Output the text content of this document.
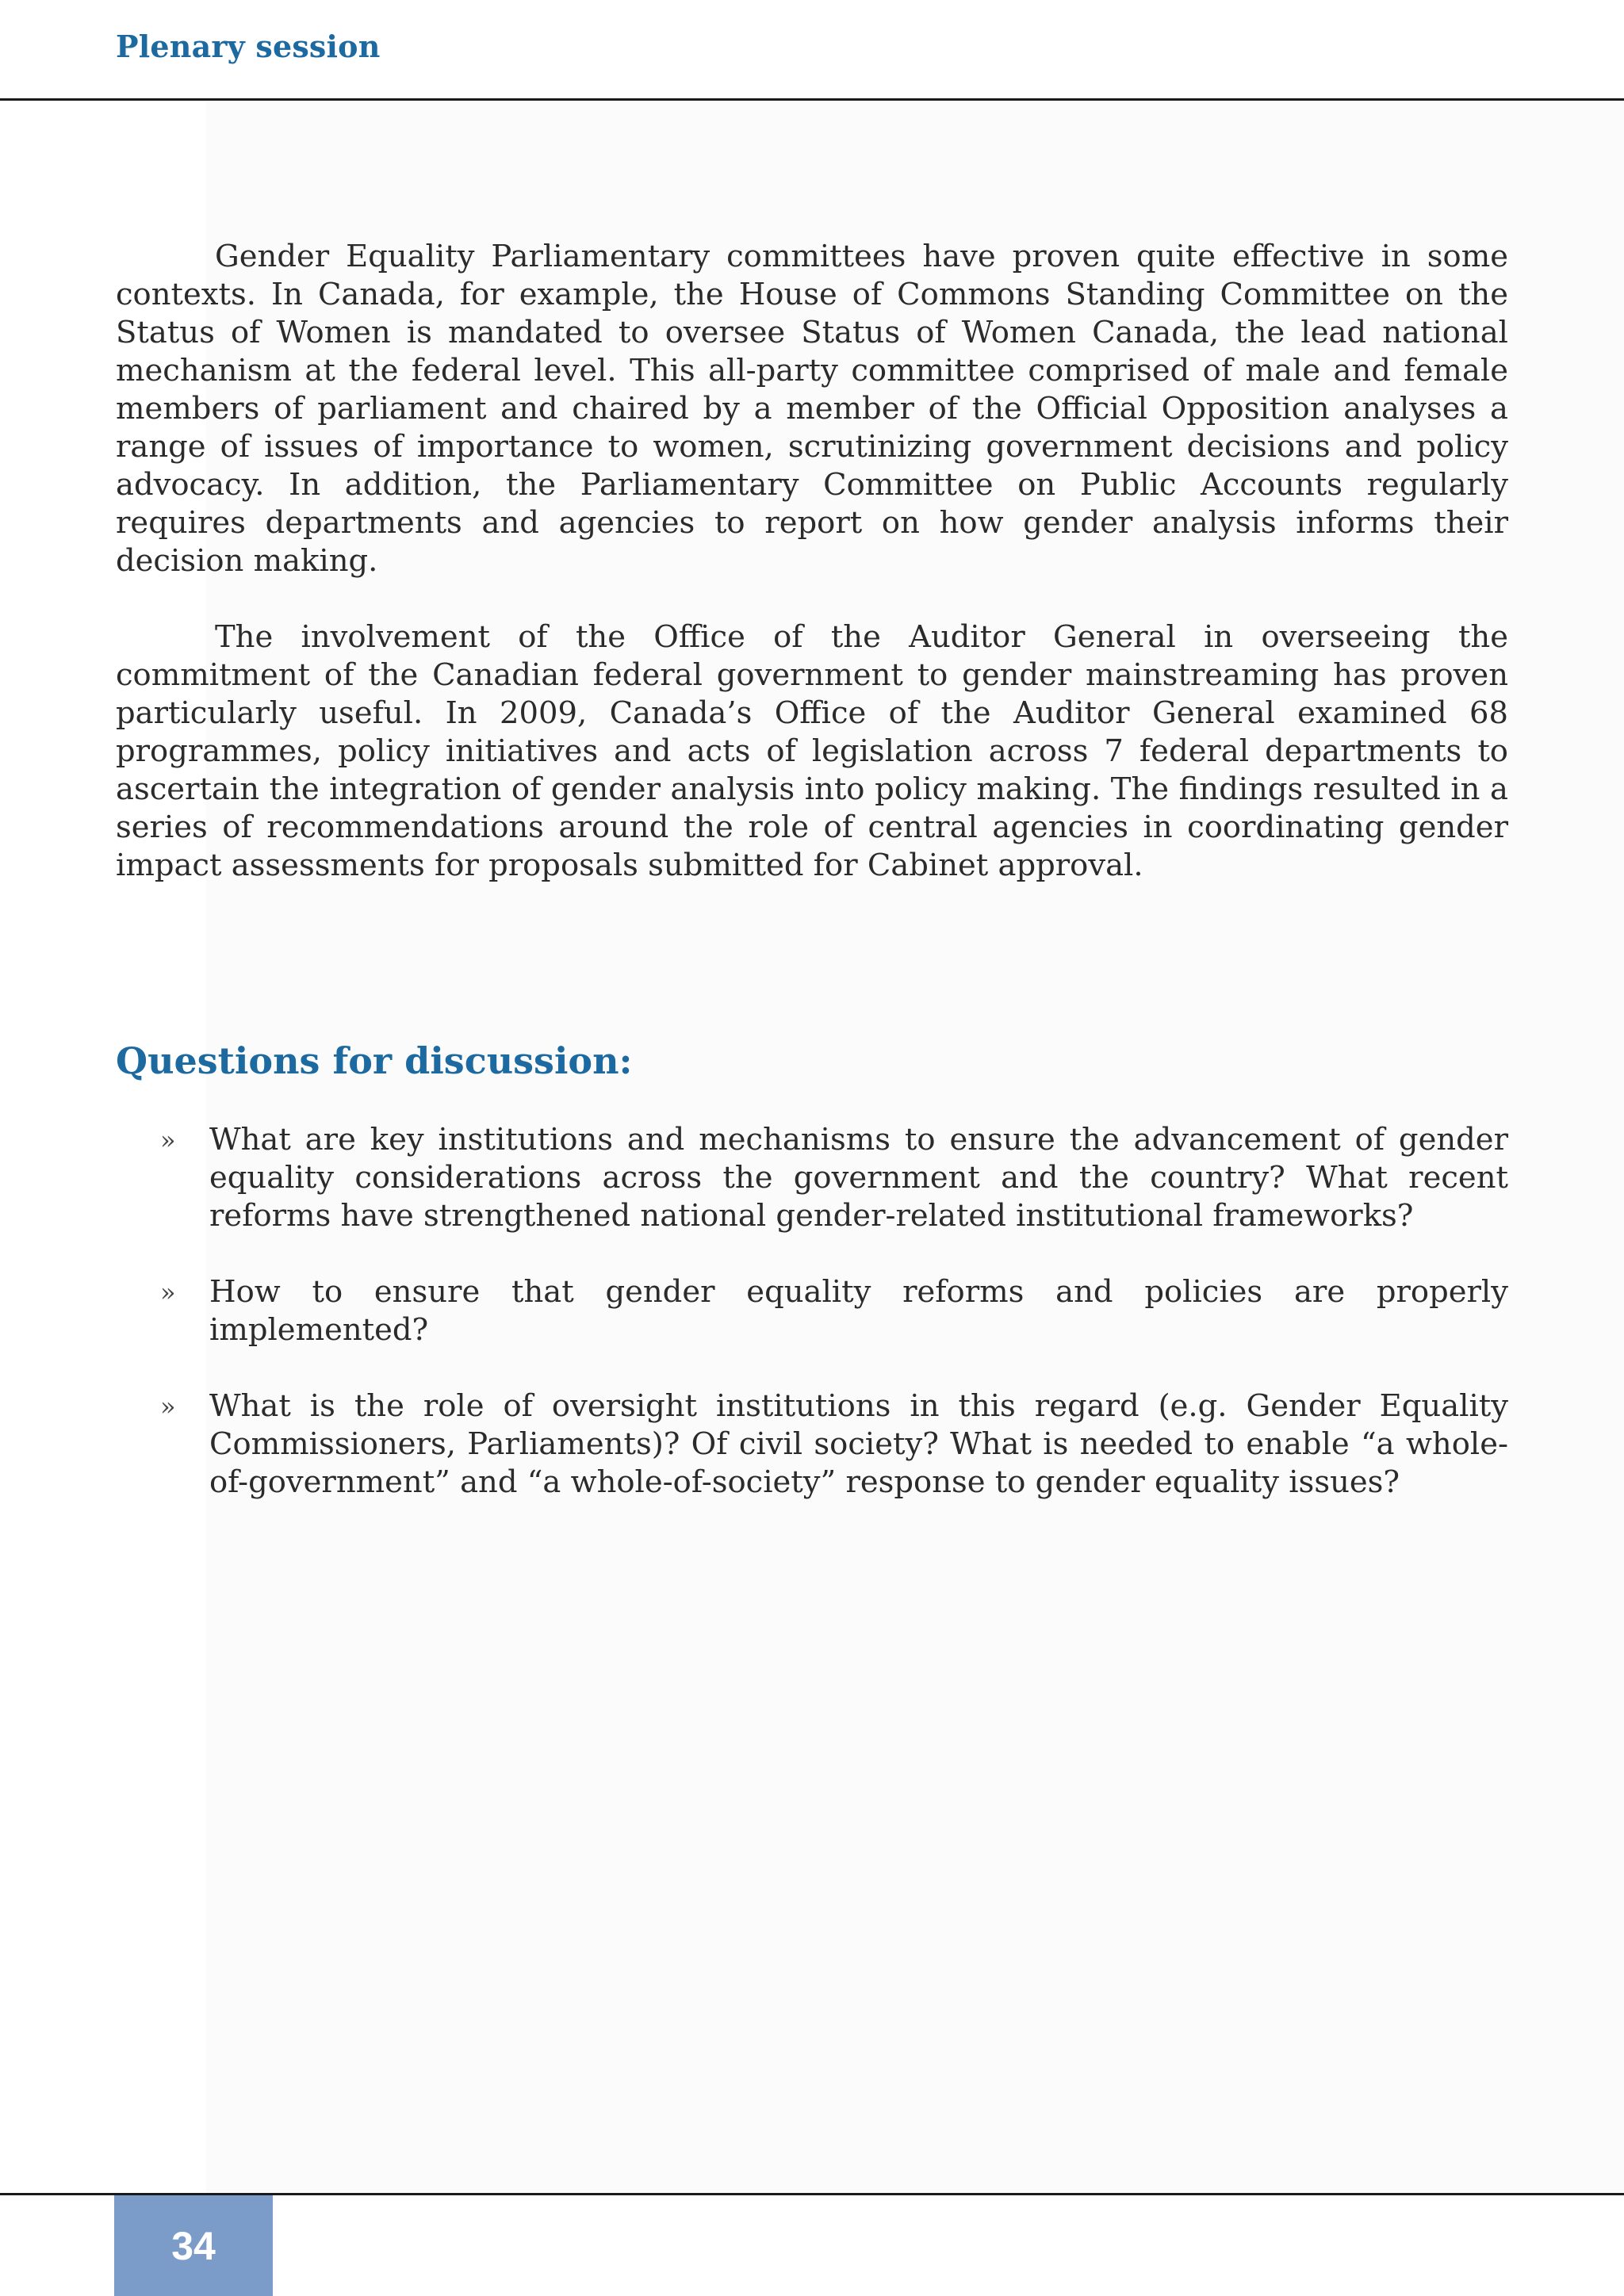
Plenary session

Gender Equality Parliamentary committees have proven quite effective in some contexts. In Canada, for example, the House of Commons Standing Committee on the Status of Women is mandated to oversee Status of Women Canada, the lead national mechanism at the federal level. This all-party committee comprised of male and female members of parliament and chaired by a member of the Official Opposition analyses a range of issues of importance to women, scrutinizing government decisions and policy advocacy. In addition, the Parliamentary Committee on Public Accounts regularly requires departments and agencies to report on how gender analysis informs their decision making.

The involvement of the Office of the Auditor General in overseeing the commitment of the Canadian federal government to gender mainstreaming has proven particularly useful. In 2009, Canada’s Office of the Auditor General examined 68 programmes, policy initiatives and acts of legislation across 7 federal departments to ascertain the integration of gender analysis into policy making. The findings resulted in a series of recommendations around the role of central agencies in coordinating gender impact assessments for proposals submitted for Cabinet approval.

Questions for discussion:
» What are key institutions and mechanisms to ensure the advancement of gender equality considerations across the government and the country? What recent reforms have strengthened national gender-related institutional frameworks?
» How to ensure that gender equality reforms and policies are properly implemented?
» What is the role of oversight institutions in this regard (e.g. Gender Equality Commissioners, Parliaments)? Of civil society? What is needed to enable “a whole-of-government” and “a whole-of-society” response to gender equality issues?
34
